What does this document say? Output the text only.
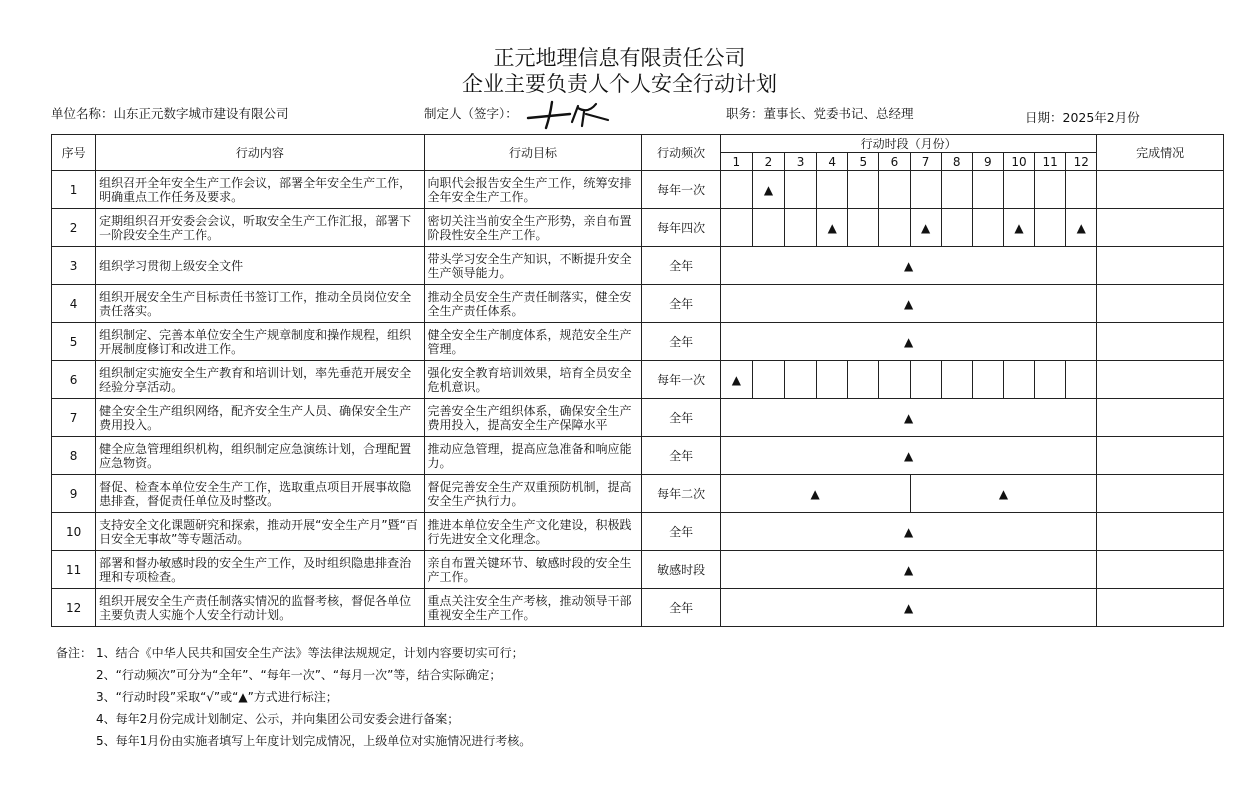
正元地理信息有限责任公司
企业主要负责人个人安全行动计划
单位名称：山东正元数字城市建设有限公司	制定人（签字）：	职务：董事长、党委书记、总经理	日期：2025年2月份
序号	行动内容	行动目标	行动频次	行动时段（月份）												完成情况
				1	2	3	4	5	6	7	8	9	10	11	12	
1	组织召开全年安全生产工作会议，部署全年安全生产工作，明确重点工作任务及要求。	向职代会报告安全生产工作，统筹安排全年安全生产工作。	每年一次		▲											
2	定期组织召开安委会会议，听取安全生产工作汇报，部署下一阶段安全生产工作。	密切关注当前安全生产形势，亲自布置阶段性安全生产工作。	每年四次				▲			▲			▲		▲	
3	组织学习贯彻上级安全文件	带头学习安全生产知识，不断提升安全生产领导能力。	全年	▲												
4	组织开展安全生产目标责任书签订工作，推动全员岗位安全责任落实。	推动全员安全生产责任制落实，健全安全生产责任体系。	全年	▲												
5	组织制定、完善本单位安全生产规章制度和操作规程，组织开展制度修订和改进工作。	健全安全生产制度体系，规范安全生产管理。	全年	▲												
6	组织制定实施安全生产教育和培训计划，率先垂范开展安全经验分享活动。	强化安全教育培训效果，培育全员安全危机意识。	每年一次	▲												
7	健全安全生产组织网络，配齐安全生产人员、确保安全生产费用投入。	完善安全生产组织体系，确保安全生产费用投入，提高安全生产保障水平	全年	▲												
8	健全应急管理组织机构，组织制定应急演练计划，合理配置应急物资。	推动应急管理，提高应急准备和响应能力。	全年	▲												
9	督促、检查本单位安全生产工作，选取重点项目开展事故隐患排查，督促责任单位及时整改。	督促完善安全生产双重预防机制，提高安全生产执行力。	每年二次	▲						▲						
10	支持安全文化课题研究和探索，推动开展“安全生产月”暨“百日安全无事故”等专题活动。	推进本单位安全生产文化建设，积极践行先进安全文化理念。	全年	▲												
11	部署和督办敏感时段的安全生产工作，及时组织隐患排查治理和专项检查。	亲自布置关键环节、敏感时段的安全生产工作。	敏感时段	▲												
12	组织开展安全生产责任制落实情况的监督考核，督促各单位主要负责人实施个人安全行动计划。	重点关注安全生产考核，推动领导干部重视安全生产工作。	全年	▲												
备注： 1、结合《中华人民共和国安全生产法》等法律法规规定，计划内容要切实可行；
2、“行动频次”可分为“全年”、“每年一次”、“每月一次”等，结合实际确定；
3、“行动时段”采取“√”或“▲”方式进行标注；
4、每年2月份完成计划制定、公示，并向集团公司安委会进行备案；
5、每年1月份由实施者填写上年度计划完成情况，上级单位对实施情况进行考核。
